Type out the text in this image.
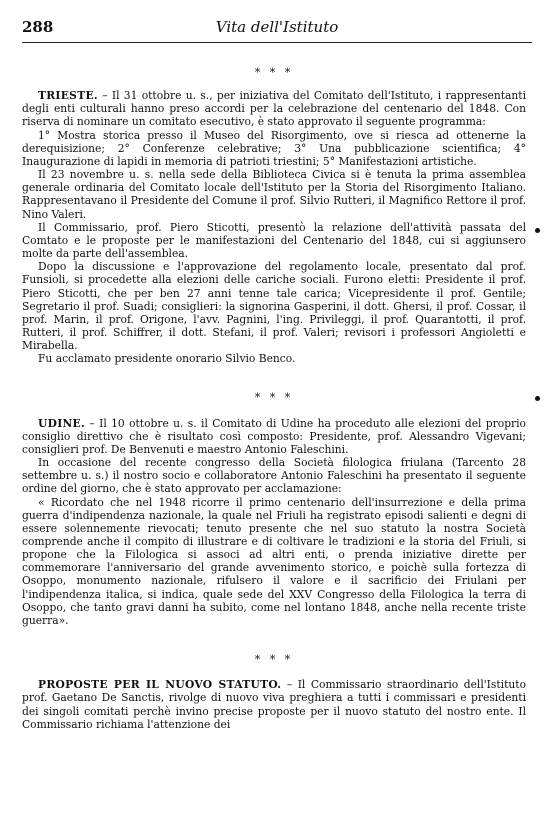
288	Vita dell'Istituto
* * *

TRIESTE. – Il 31 ottobre u. s., per iniziativa del Comitato dell'Istituto, i rappresentanti degli enti culturali hanno preso accordi per la celebrazione del centenario del 1848. Con riserva di nominare un comitato esecutivo, è stato approvato il seguente programma:

1° Mostra storica presso il Museo del Risorgimento, ove si riesca ad ottenerne la derequisizione; 2° Conferenze celebrative; 3° Una pubblicazione scientifica; 4° Inaugurazione di lapidi in memoria di patrioti triestini; 5° Manifestazioni artistiche.

Il 23 novembre u. s. nella sede della Biblioteca Civica si è tenuta la prima assemblea generale ordinaria del Comitato locale dell'Istituto per la Storia del Risorgimento Italiano. Rappresentavano il Presidente del Comune il prof. Silvio Rutteri, il Magnifico Rettore il prof. Nino Valeri.

Il Commissario, prof. Piero Sticotti, presentò la relazione dell'attività passata del Comtato e le proposte per le manifestazioni del Centenario del 1848, cui si aggiunsero molte da parte dell'assemblea.

Dopo la discussione e l'approvazione del regolamento locale, presentato dal prof. Funsioli, si procedette alla elezioni delle cariche sociali. Furono eletti: Presidente il prof. Piero Sticotti, che per ben 27 anni tenne tale carica; Vicepresidente il prof. Gentile; Segretario il prof. Suadi; consiglieri: la signorina Gasperini, il dott. Ghersi, il prof. Cossar, il prof. Marin, il prof. Origone, l'avv. Pagnini, l'ing. Privileggi, il prof. Quarantotti, il prof. Rutteri, il prof. Schiffrer, il dott. Stefani, il prof. Valeri; revisori i professori Angioletti e Mirabella.

Fu acclamato presidente onorario Silvio Benco.

* * *

UDINE. – Il 10 ottobre u. s. il Comitato di Udine ha proceduto alle elezioni del proprio consiglio direttivo che è risultato così composto: Presidente, prof. Alessandro Vigevani; consiglieri prof. De Benvenuti e maestro Antonio Faleschini.

In occasione del recente congresso della Società filologica friulana (Tarcento 28 settembre u. s.) il nostro socio e collaboratore Antonio Faleschini ha presentato il seguente ordine del giorno, che è stato approvato per acclamazione:

« Ricordato che nel 1948 ricorre il primo centenario dell'insurrezione e della prima guerra d'indipendenza nazionale, la quale nel Friuli ha registrato episodi salienti e degni di essere solennemente rievocati; tenuto presente che nel suo statuto la nostra Società comprende anche il compito di illustrare e di coltivare le tradizioni e la storia del Friuli, si propone che la Filologica si associ ad altri enti, o prenda iniziative dirette per commemorare l'anniversario del grande avvenimento storico, e poichè sulla fortezza di Osoppo, monumento nazionale, rifulsero il valore e il sacrificio dei Friulani per l'indipendenza italica, si indica, quale sede del XXV Congresso della Filologica la terra di Osoppo, che tanto gravi danni ha subito, come nel lontano 1848, anche nella recente triste guerra».

* * *

PROPOSTE PER IL NUOVO STATUTO. – Il Commissario straordinario dell'Istituto prof. Gaetano De Sanctis, rivolge di nuovo viva preghiera a tutti i commissari e presidenti dei singoli comitati perchè invino precise proposte per il nuovo statuto del nostro ente. Il Commissario richiama l'attenzione dei
